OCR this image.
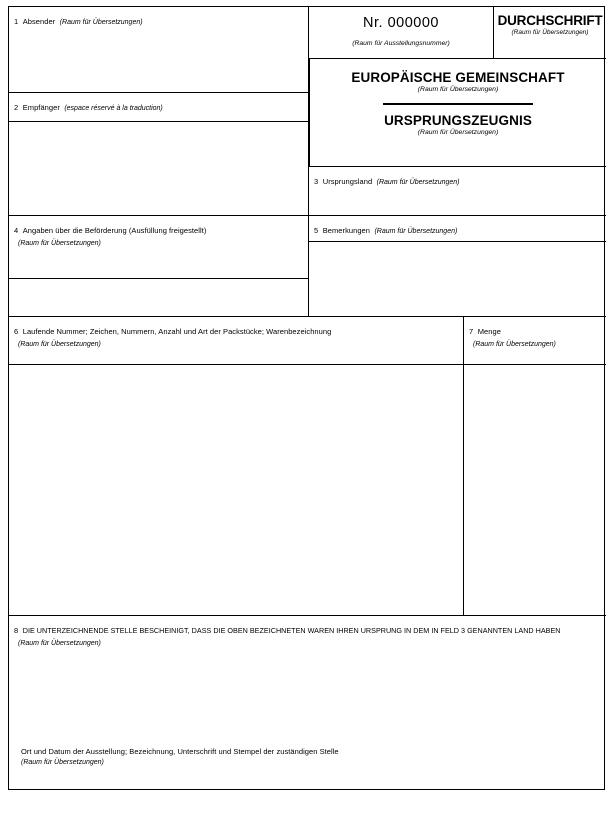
1 Absender (Raum für Übersetzungen)	Nr. 000000
(Raum für Ausstellungsnummer)
DURCHSCHRIFT
(Raum für Übersetzungen)
EUROPÄISCHE GEMEINSCHAFT
(Raum für Übersetzungen)
URSPRUNGSZEUGNIS
(Raum für Übersetzungen)
2 Empfänger (espace réservé à la traduction)
3 Ursprungsland (Raum für Übersetzungen)
4 Angaben über die Beförderung (Ausfüllung freigestellt)
(Raum für Übersetzungen)
5 Bemerkungen (Raum für Übersetzungen)
6 Laufende Nummer; Zeichen, Nummern, Anzahl und Art der Packstücke; Warenbezeichnung
(Raum für Übersetzungen)
7 Menge
(Raum für Übersetzungen)
8 DIE UNTERZEICHNENDE STELLE BESCHEINIGT, DASS DIE OBEN BEZEICHNETEN WAREN IHREN URSPRUNG IN DEM IN FELD 3 GENANNTEN LAND HABEN
(Raum für Übersetzungen)
Ort und Datum der Ausstellung; Bezeichnung, Unterschrift und Stempel der zuständigen Stelle
(Raum für Übersetzungen)
